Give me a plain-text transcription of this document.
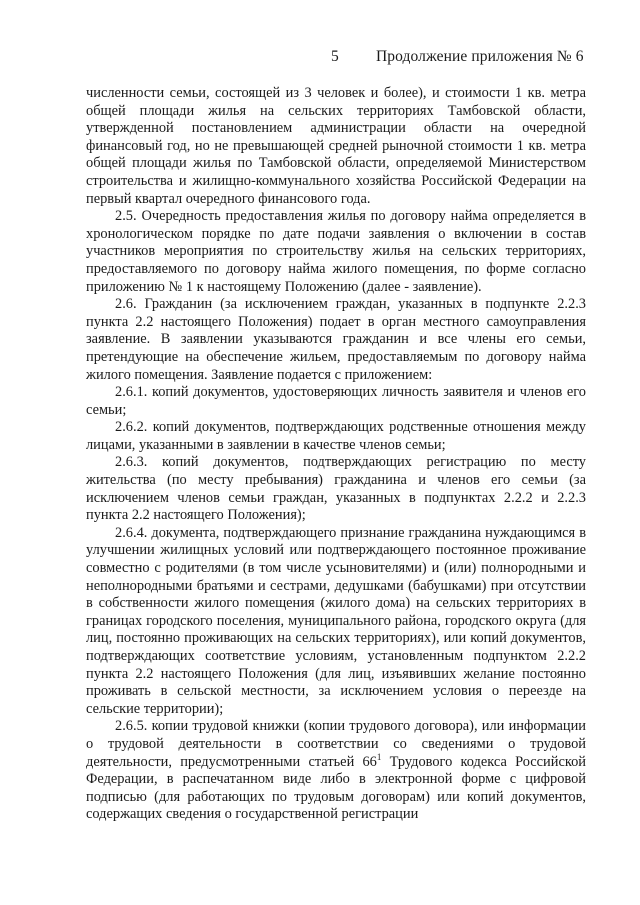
5 Продолжение приложения № 6

численности семьи, состоящей из 3 человек и более), и стоимости 1 кв. метра общей площади жилья на сельских территориях Тамбовской области, утвержденной постановлением администрации области на очередной финансовый год, но не превышающей средней рыночной стоимости 1 кв. метра общей площади жилья по Тамбовской области, определяемой Министерством строительства и жилищно-коммунального хозяйства Российской Федерации на первый квартал очередного финансового года.

2.5. Очередность предоставления жилья по договору найма определяется в хронологическом порядке по дате подачи заявления о включении в состав участников мероприятия по строительству жилья на сельских территориях, предоставляемого по договору найма жилого помещения, по форме согласно приложению № 1 к настоящему Положению (далее - заявление).

2.6. Гражданин (за исключением граждан, указанных в подпункте 2.2.3 пункта 2.2 настоящего Положения) подает в орган местного самоуправления заявление. В заявлении указываются гражданин и все члены его семьи, претендующие на обеспечение жильем, предоставляемым по договору найма жилого помещения. Заявление подается с приложением:

2.6.1. копий документов, удостоверяющих личность заявителя и членов его семьи;

2.6.2. копий документов, подтверждающих родственные отношения между лицами, указанными в заявлении в качестве членов семьи;

2.6.3. копий документов, подтверждающих регистрацию по месту жительства (по месту пребывания) гражданина и членов его семьи (за исключением членов семьи граждан, указанных в подпунктах 2.2.2 и 2.2.3 пункта 2.2 настоящего Положения);

2.6.4. документа, подтверждающего признание гражданина нуждающимся в улучшении жилищных условий или подтверждающего постоянное проживание совместно с родителями (в том числе усыновителями) и (или) полнородными и неполнородными братьями и сестрами, дедушками (бабушками) при отсутствии в собственности жилого помещения (жилого дома) на сельских территориях в границах городского поселения, муниципального района, городского округа (для лиц, постоянно проживающих на сельских территориях), или копий документов, подтверждающих соответствие условиям, установленным подпунктом 2.2.2 пункта 2.2 настоящего Положения (для лиц, изъявивших желание постоянно проживать в сельской местности, за исключением условия о переезде на сельские территории);

2.6.5. копии трудовой книжки (копии трудового договора), или информации о трудовой деятельности в соответствии со сведениями о трудовой деятельности, предусмотренными статьей $66^1$ Трудового кодекса Российской Федерации, в распечатанном виде либо в электронной форме с цифровой подписью (для работающих по трудовым договорам) или копий документов, содержащих сведения о государственной регистрации
